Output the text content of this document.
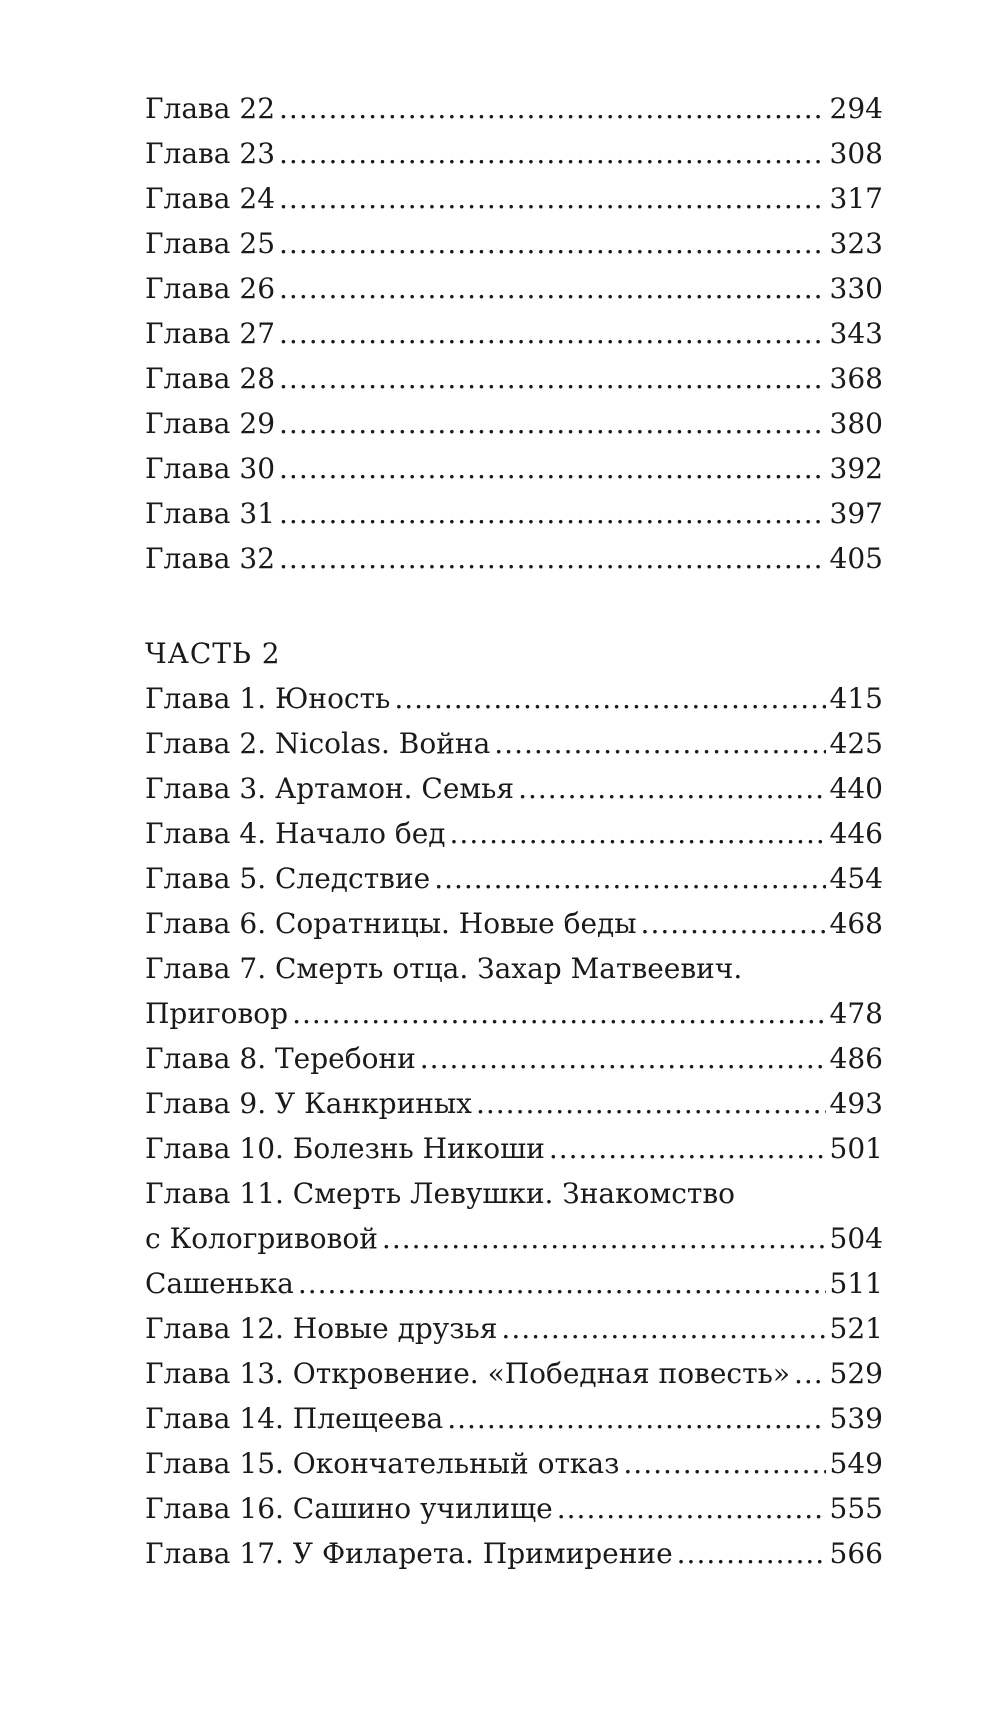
Глава 22 .....	294
Глава 23 .....	308
Глава 24 .....	317
Глава 25 .....	323
Глава 26 .....	330
Глава 27 .....	343
Глава 28 .....	368
Глава 29 .....	380
Глава 30 .....	392
Глава 31 .....	397
Глава 32 .....	405
ЧАСТЬ 2
Глава 1. Юность .....	415
Глава 2. Nicolas. Война .....	425
Глава 3. Артамон. Семья .....	440
Глава 4. Начало бед .....	446
Глава 5. Следствие .....	454
Глава 6. Соратницы. Новые беды .....	468
Глава 7. Смерть отца. Захар Матвеевич.
Приговор .....	478
Глава 8. Теребони .....	486
Глава 9. У Канкриных .....	493
Глава 10. Болезнь Никоши .....	501
Глава 11. Смерть Левушки. Знакомство
с Кологривовой .....	504
Сашенька .....	511
Глава 12. Новые друзья .....	521
Глава 13. Откровение. «Победная повесть» ..... 529
Глава 14. Плещеева .....	539
Глава 15. Окончательный отказ .....	549
Глава 16. Сашино училище .....	555
Глава 17. У Филарета. Примирение .....	566
